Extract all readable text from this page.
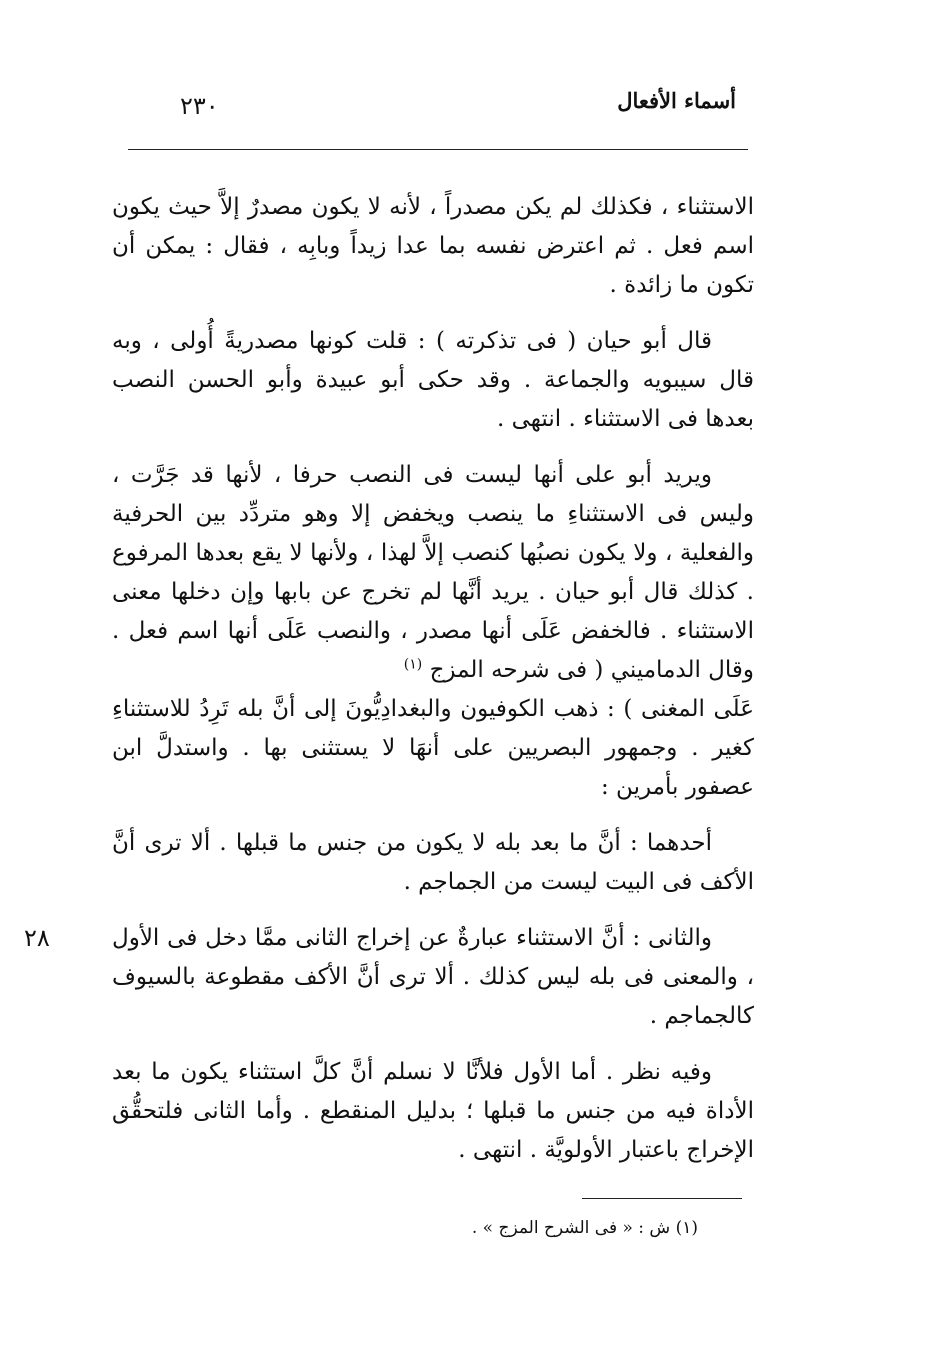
٢٣٠	أسماء الأفعال

الاستثناء ، فكذلك لم يكن مصدراً ، لأنه لا يكون مصدرٌ إلاَّ حيث يكون اسم فعل . ثم اعترض نفسه بما عدا زيداً وبابِه ، فقال : يمكن أن تكون ما زائدة .

قال أبو حيان ( فى تذكرته ) : قلت كونها مصدريةً أُولى ، وبه قال سيبويه والجماعة . وقد حكى أبو عبيدة وأبو الحسن النصب بعدها فى الاستثناء . انتهى .

ويريد أبو على أنها ليست فى النصب حرفا ، لأنها قد جَرَّت ، وليس فى الاستثناءِ ما ينصب ويخفض إلا وهو متردِّد بين الحرفية والفعلية ، ولا يكون نصبُها كنصب إلاَّ لهذا ، ولأنها لا يقع بعدها المرفوع . كذلك قال أبو حيان . يريد أنَّها لم تخرج عن بابها وإن دخلها معنى الاستثناء . فالخفض عَلَى أنها مصدر ، والنصب عَلَى أنها اسم فعل . وقال الدماميني ( فى شرحه المزج $^{(١)}$

عَلَى المغنى ) : ذهب الكوفيون والبغدادِيُّونَ إلى أنَّ بله تَرِدُ للاستثناءِ كغير . وجمهور البصريين على أنهَا لا يستثنى بها . واستدلَّ ابن عصفور بأمرين :

أحدهما : أنَّ ما بعد بله لا يكون من جنس ما قبلها . ألا ترى أنَّ الأكف فى البيت ليست من الجماجم .

٢٨	والثانى : أنَّ الاستثناء عبارةٌ عن إخراج الثانى ممَّا دخل فى الأول ، والمعنى فى بله ليس كذلك . ألا ترى أنَّ الأكف مقطوعة بالسيوف كالجماجم .

وفيه نظر . أما الأول فلأنَّا لا نسلم أنَّ كلَّ استثناء يكون ما بعد الأداة فيه من جنس ما قبلها ؛ بدليل المنقطع . وأما الثانى فلتحقُّق الإخراج باعتبار الأولويَّة . انتهى .

(١) ش : « فى الشرح المزج » .
